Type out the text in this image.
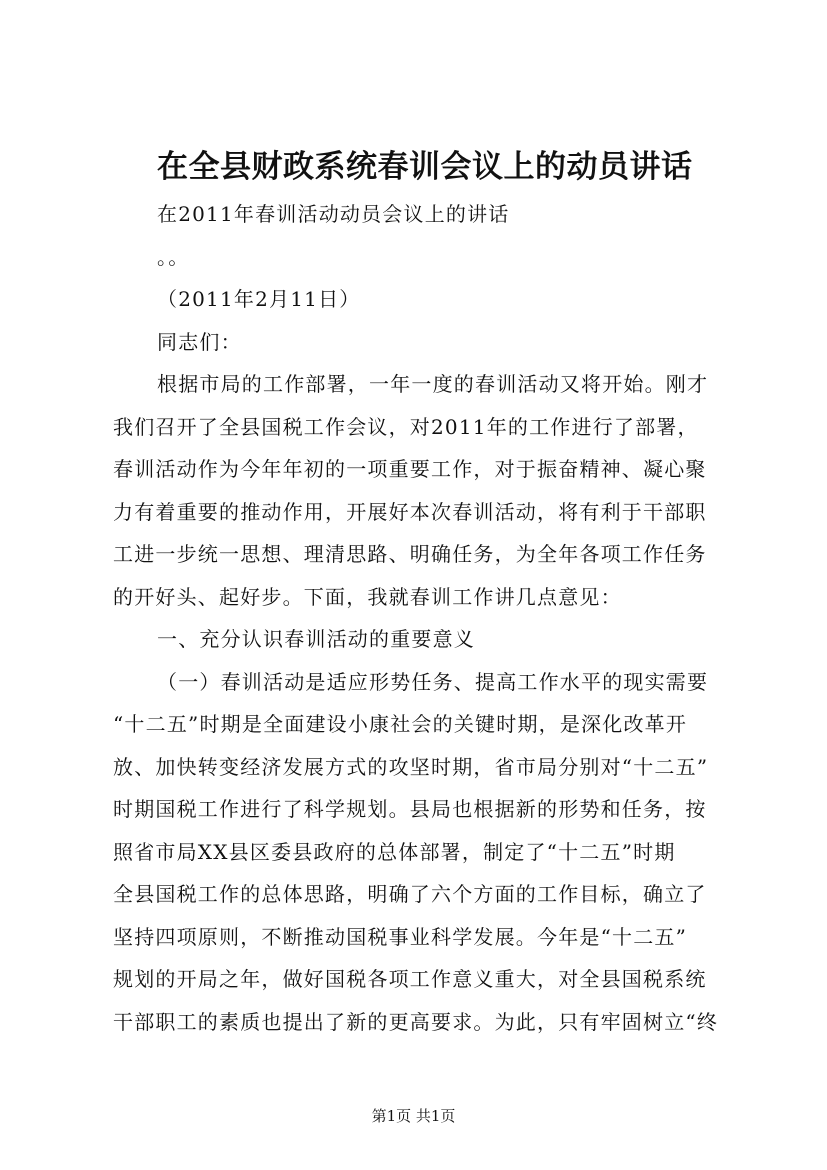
在全县财政系统春训会议上的动员讲话
在2011年春训活动动员会议上的讲话
。。
（2011年2月11日）
同志们：
根据市局的工作部署，一年一度的春训活动又将开始。刚才
我们召开了全县国税工作会议，对2011年的工作进行了部署，
春训活动作为今年年初的一项重要工作，对于振奋精神、凝心聚
力有着重要的推动作用，开展好本次春训活动，将有利于干部职
工进一步统一思想、理清思路、明确任务，为全年各项工作任务
的开好头、起好步。下面，我就春训工作讲几点意见：
一、充分认识春训活动的重要意义
（一）春训活动是适应形势任务、提高工作水平的现实需要
“十二五”时期是全面建设小康社会的关键时期，是深化改革开
放、加快转变经济发展方式的攻坚时期，省市局分别对“十二五”
时期国税工作进行了科学规划。县局也根据新的形势和任务，按
照省市局XX县区委县政府的总体部署，制定了“十二五”时期
全县国税工作的总体思路，明确了六个方面的工作目标，确立了
坚持四项原则，不断推动国税事业科学发展。今年是“十二五”
规划的开局之年，做好国税各项工作意义重大，对全县国税系统
干部职工的素质也提出了新的更高要求。为此，只有牢固树立“终
第1页 共1页
